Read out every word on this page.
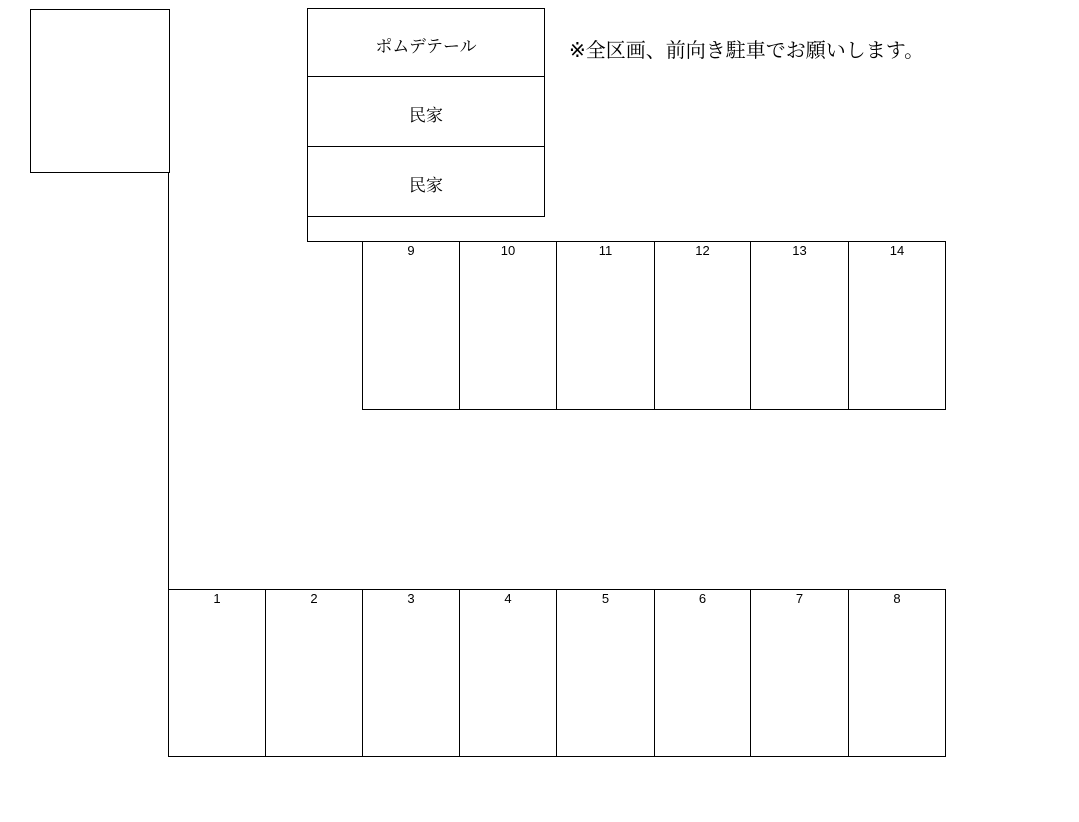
ポムデテール
民家
民家
※全区画、前向き駐車でお願いします。
9	10	11	12	13	14
1	2	3	4	5	6	7	8
